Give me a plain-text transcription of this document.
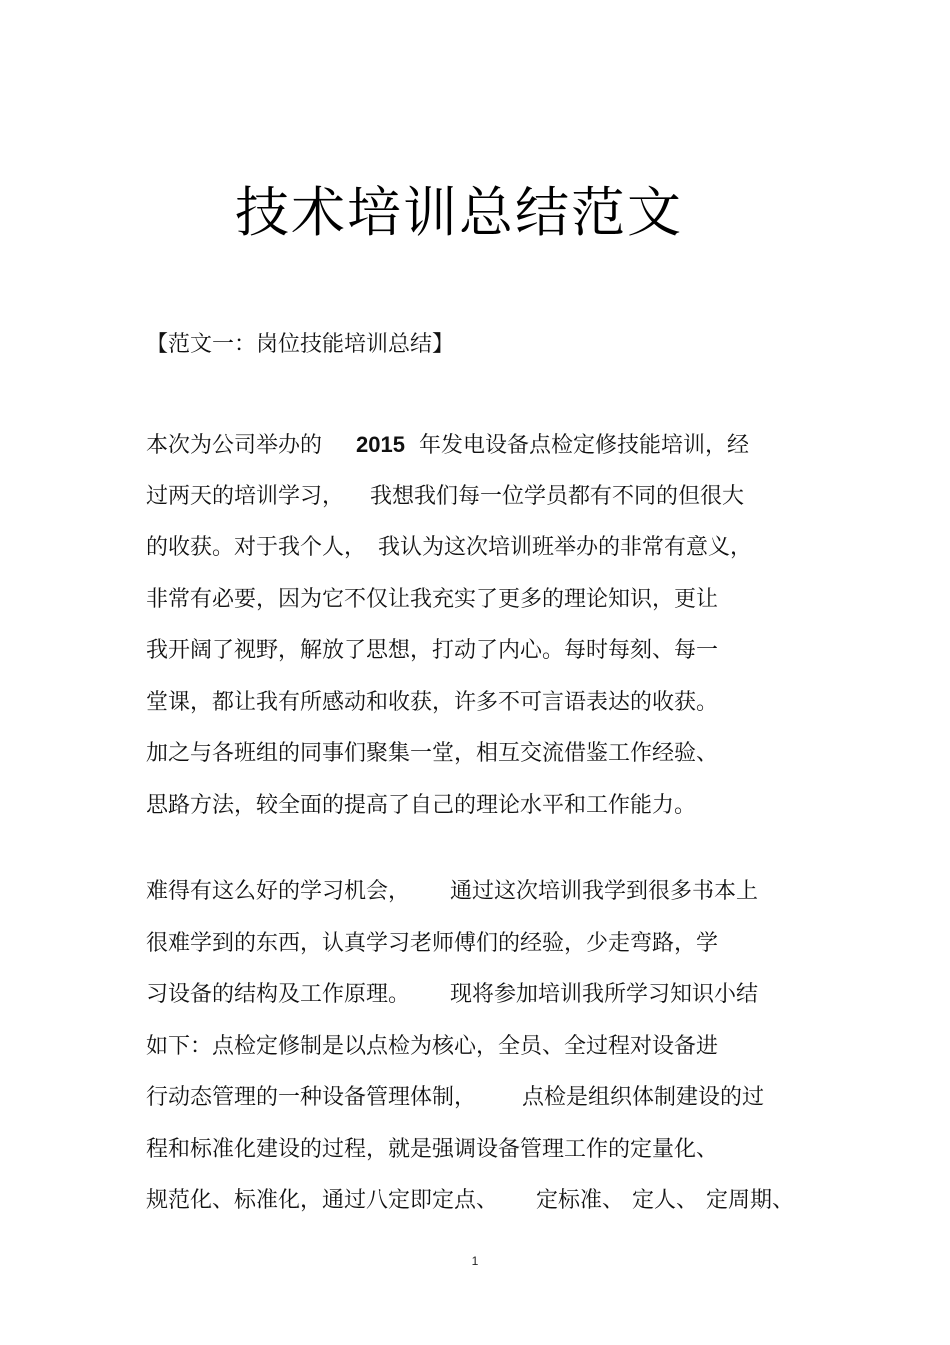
技术培训总结范文
【范文一：岗位技能培训总结】
本次为公司举办的 2015 年发电设备点检定修技能培训，经
过两天的培训学习， 我想我们每一位学员都有不同的但很大
的收获。对于我个人， 我认为这次培训班举办的非常有意义，
非常有必要，因为它不仅让我充实了更多的理论知识，更让
我开阔了视野，解放了思想，打动了内心。每时每刻、每一
堂课，都让我有所感动和收获，许多不可言语表达的收获。
加之与各班组的同事们聚集一堂，相互交流借鉴工作经验、
思路方法，较全面的提高了自己的理论水平和工作能力。
难得有这么好的学习机会， 通过这次培训我学到很多书本上
很难学到的东西，认真学习老师傅们的经验，少走弯路，学
习设备的结构及工作原理。 现将参加培训我所学习知识小结
如下：点检定修制是以点检为核心，全员、全过程对设备进
行动态管理的一种设备管理体制， 点检是组织体制建设的过
程和标准化建设的过程，就是强调设备管理工作的定量化、
规范化、标准化，通过八定即定点、 定标准、 定人、 定周期、
1
